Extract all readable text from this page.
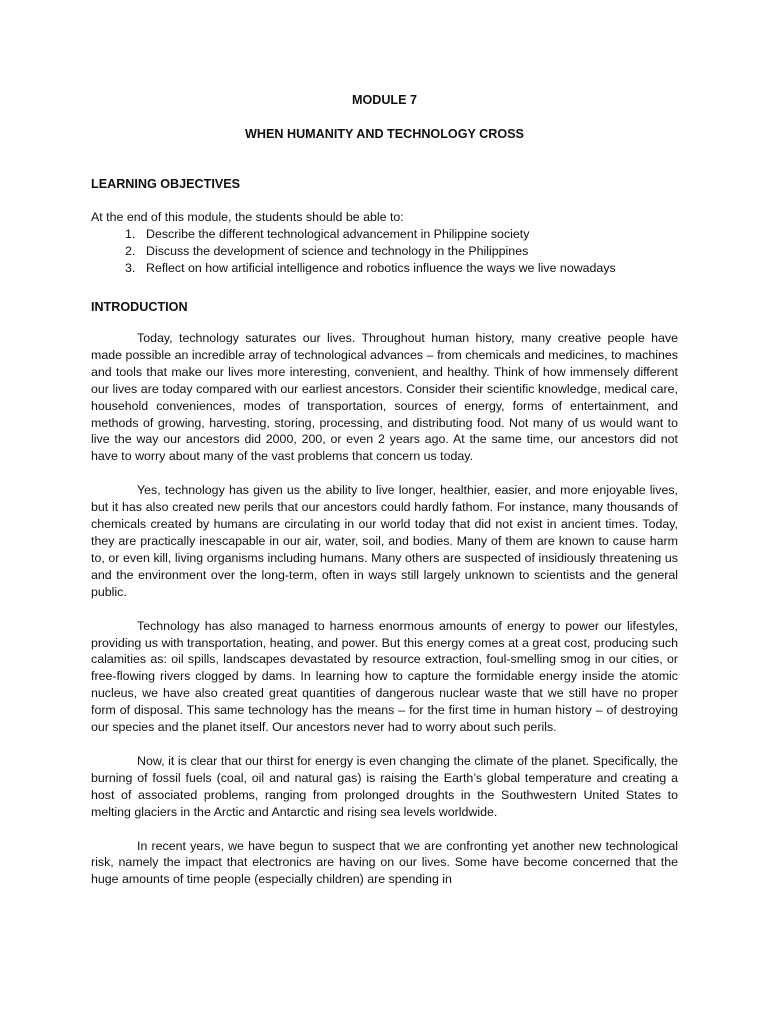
MODULE 7

WHEN HUMANITY AND TECHNOLOGY CROSS

LEARNING OBJECTIVES

At the end of this module, the students should be able to:

1. Describe the different technological advancement in Philippine society
2. Discuss the development of science and technology in the Philippines
3. Reflect on how artificial intelligence and robotics influence the ways we live nowadays

INTRODUCTION

Today, technology saturates our lives. Throughout human history, many creative people have made possible an incredible array of technological advances – from chemicals and medicines, to machines and tools that make our lives more interesting, convenient, and healthy. Think of how immensely different our lives are today compared with our earliest ancestors. Consider their scientific knowledge, medical care, household conveniences, modes of transportation, sources of energy, forms of entertainment, and methods of growing, harvesting, storing, processing, and distributing food. Not many of us would want to live the way our ancestors did 2000, 200, or even 2 years ago. At the same time, our ancestors did not have to worry about many of the vast problems that concern us today.

Yes, technology has given us the ability to live longer, healthier, easier, and more enjoyable lives, but it has also created new perils that our ancestors could hardly fathom. For instance, many thousands of chemicals created by humans are circulating in our world today that did not exist in ancient times. Today, they are practically inescapable in our air, water, soil, and bodies. Many of them are known to cause harm to, or even kill, living organisms including humans. Many others are suspected of insidiously threatening us and the environment over the long-term, often in ways still largely unknown to scientists and the general public.

Technology has also managed to harness enormous amounts of energy to power our lifestyles, providing us with transportation, heating, and power. But this energy comes at a great cost, producing such calamities as: oil spills, landscapes devastated by resource extraction, foul-smelling smog in our cities, or free-flowing rivers clogged by dams. In learning how to capture the formidable energy inside the atomic nucleus, we have also created great quantities of dangerous nuclear waste that we still have no proper form of disposal. This same technology has the means – for the first time in human history – of destroying our species and the planet itself. Our ancestors never had to worry about such perils.

Now, it is clear that our thirst for energy is even changing the climate of the planet. Specifically, the burning of fossil fuels (coal, oil and natural gas) is raising the Earth’s global temperature and creating a host of associated problems, ranging from prolonged droughts in the Southwestern United States to melting glaciers in the Arctic and Antarctic and rising sea levels worldwide.

In recent years, we have begun to suspect that we are confronting yet another new technological risk, namely the impact that electronics are having on our lives. Some have become concerned that the huge amounts of time people (especially children) are spending in
